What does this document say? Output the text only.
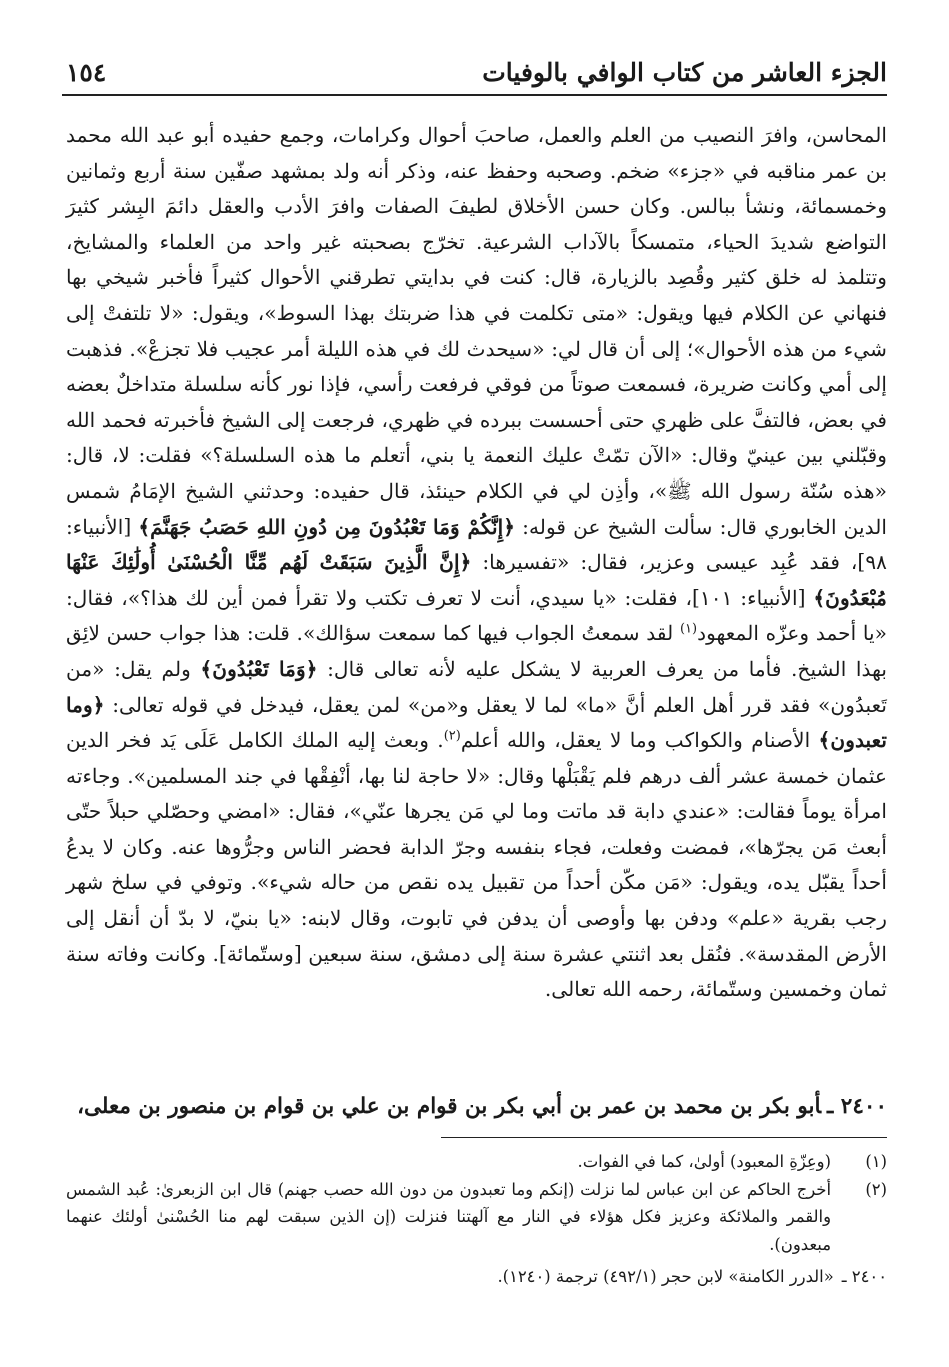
الجزء العاشر من كتاب الوافي بالوفيات
١٥٤

المحاسن، وافرَ النصيب من العلم والعمل، صاحبَ أحوال وكرامات، وجمع حفيده أبو عبد الله محمد بن عمر مناقبه في «جزء» ضخم. وصحبه وحفظ عنه، وذكر أنه ولد بمشهد صفّين سنة أربع وثمانين وخمسمائة، ونشأ ببالس. وكان حسن الأخلاق لطيفَ الصفات وافرَ الأدب والعقل دائمَ البِشر كثيرَ التواضع شديدَ الحياء، متمسكاً بالآداب الشرعية. تخرّج بصحبته غير واحد من العلماء والمشايخ، وتتلمذ له خلق كثير وقُصِد بالزيارة، قال: كنت في بدايتي تطرقني الأحوال كثيراً فأخبر شيخي بها فنهاني عن الكلام فيها ويقول: «متى تكلمت في هذا ضربتك بهذا السوط»، ويقول: «لا تلتفتْ إلى شيء من هذه الأحوال»؛ إلى أن قال لي: «سيحدث لك في هذه الليلة أمر عجيب فلا تجزعْ». فذهبت إلى أمي وكانت ضريرة، فسمعت صوتاً من فوقي فرفعت رأسي، فإذا نور كأنه سلسلة متداخلٌ بعضه في بعض، فالتفَّ على ظهري حتى أحسست ببرده في ظهري، فرجعت إلى الشيخ فأخبرته فحمد الله وقبّلني بين عينيّ وقال: «الآن تمّتْ عليك النعمة يا بني، أتعلم ما هذه السلسلة؟» فقلت: لا، قال: «هذه سُنّة رسول الله ﷺ»، وأذِن لي في الكلام حينئذ، قال حفيده: وحدثني الشيخ الإمَامُ شمس الدين الخابوري قال: سألت الشيخ عن قوله: ﴿إِنَّكُمْ وَمَا تَعْبُدُونَ مِن دُونِ اللهِ حَصَبُ جَهَنَّمَ﴾ [الأنبياء: ٩٨]، فقد عُبِد عيسى وعزير، فقال: «تفسيرها: ﴿إِنَّ الَّذِينَ سَبَقَتْ لَهُم مِّنَّا الْحُسْنَىٰ أُولَٰئِكَ عَنْهَا مُبْعَدُونَ﴾ [الأنبياء: ١٠١]، فقلت: «يا سيدي، أنت لا تعرف تكتب ولا تقرأ فمن أين لك هذا؟»، فقال: «يا أحمد وعزّه المعهود$^{(١)}$ لقد سمعتُ الجواب فيها كما سمعت سؤالك». قلت: هذا جواب حسن لائِق بهذا الشيخ. فأما من يعرف العربية لا يشكل عليه لأنه تعالى قال: ﴿وَمَا تَعْبُدُونَ﴾ ولم يقل: «من تَعبدُون» فقد قرر أهل العلم أنَّ «ما» لما لا يعقل و«من» لمن يعقل، فيدخل في قوله تعالى: ﴿وما تعبدون﴾ الأصنام والكواكب وما لا يعقل، والله أعلم$^{(٢)}$. وبعث إليه الملك الكامل عَلَى يَد فخر الدين عثمان خمسة عشر ألف درهم فلم يَقْبَلْها وقال: «لا حاجة لنا بها، أنْفِقْها في جند المسلمين». وجاءته امرأة يوماً فقالت: «عندي دابة قد ماتت وما لي مَن يجرها عنّي»، فقال: «امضي وحصّلي حبلاً حتّى أبعث مَن يجرّها»، فمضت وفعلت، فجاء بنفسه وجرّ الدابة فحضر الناس وجرُّوها عنه. وكان لا يدعُ أحداً يقبّل يده، ويقول: «مَن مكّن أحداً من تقبيل يده نقص من حاله شيء». وتوفي في سلخ شهر رجب بقرية «علم» ودفن بها وأوصى أن يدفن في تابوت، وقال لابنه: «يا بنيّ، لا بدّ أن أنقل إلى الأرض المقدسة». فنُقل بعد اثنتي عشرة سنة إلى دمشق، سنة سبعين [وستّمائة]. وكانت وفاته سنة ثمان وخمسين وستّمائة، رحمه الله تعالى.

٢٤٠٠ ـأبو بكر بن محمد بن عمر بن أبي بكر بن قوام بن علي بن قوام بن منصور بن معلى،
(١)
(وعِزّةِ المعبود) أولىٰ، كما في الفوات.
(٢)
أخرج الحاكم عن ابن عباس لما نزلت (إنكم وما تعبدون من دون الله حصب جهنم) قال ابن الزبعرىٰ: عُبد الشمس والقمر والملائكة وعزيز فكل هؤلاء في النار مع آلهتنا فنزلت (إن الذين سبقت لهم منا الحُسْنىٰ أولئك عنهما مبعدون).
٢٤٠٠ ـ«الدرر الكامنة» لابن حجر (٤٩٢/١) ترجمة (١٢٤٠).
